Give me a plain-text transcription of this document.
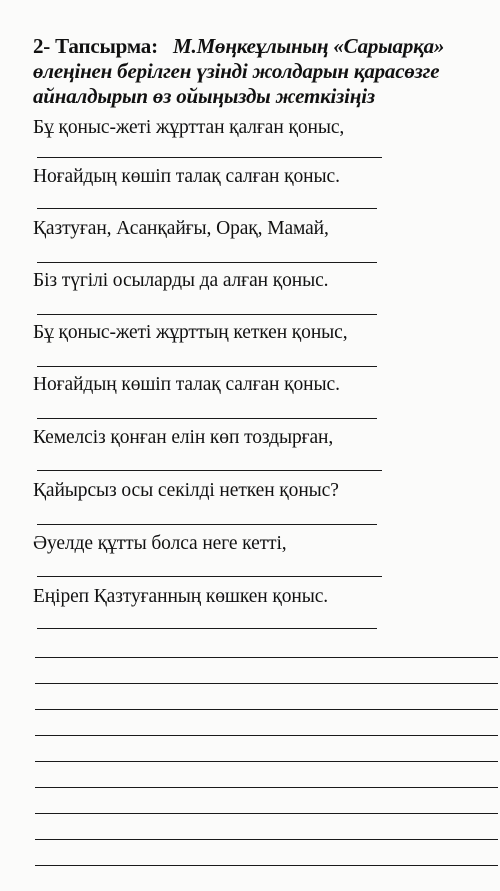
2- Тапсырма: М.Мөңкеұлының «Сарыарқа» өлеңінен берілген үзінді жолдарын қарасөзге айналдырып өз ойыңызды жеткізіңіз
Бұ қоныс-жеті жұрттан қалған қоныс,
Ноғайдың көшіп талақ салған қоныс.
Қазтуған, Асанқайғы, Орақ, Мамай,
Біз түгілі осыларды да алған қоныс.
Бұ қоныс-жеті жұрттың кеткен қоныс,
Ноғайдың көшіп талақ салған қоныс.
Кемелсіз қонған елін көп тоздырған,
Қайырсыз осы секілді неткен қоныс?
Әуелде құтты болса неге кетті,
Еңіреп Қазтуғанның көшкен қоныс.
